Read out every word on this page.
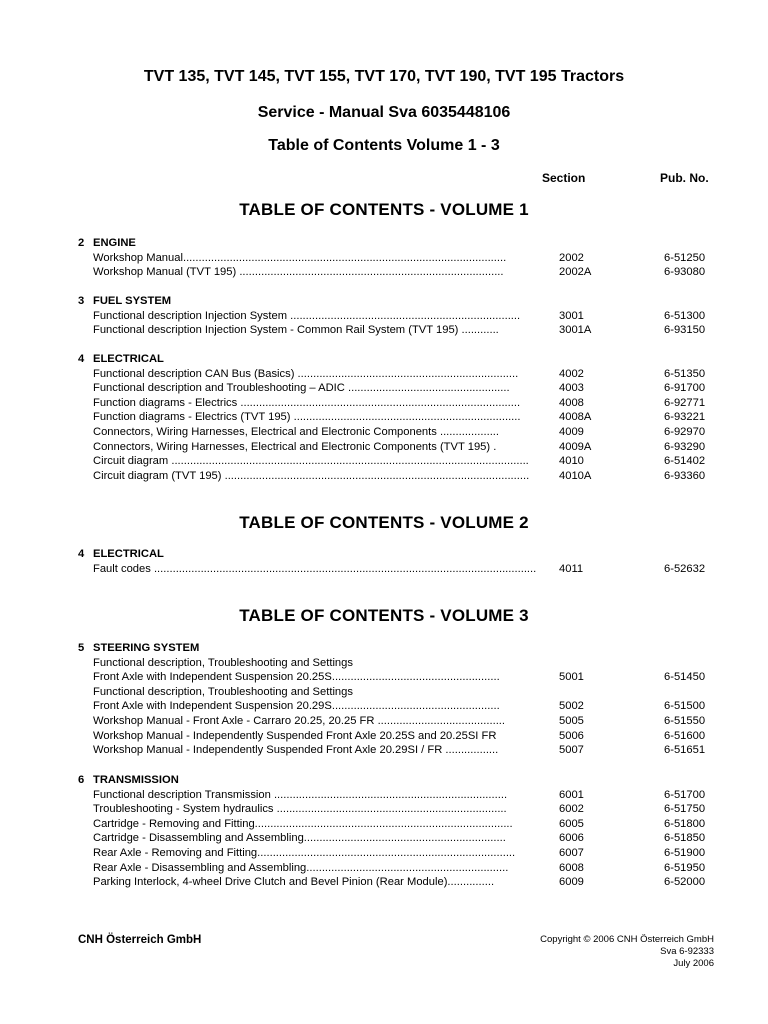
TVT 135, TVT 145, TVT 155, TVT 170, TVT 190, TVT 195 Tractors
Service - Manual Sva 6035448106
Table of Contents Volume 1 - 3
Section	Pub. No.
TABLE OF CONTENTS - VOLUME 1
2 ENGINE
Workshop Manual........................................................................................................	2002	6-51250
Workshop Manual (TVT 195) .....................................................................................	2002A	6-93080
3 FUEL SYSTEM
Functional description Injection System ..........................................................................	3001	6-51300
Functional description Injection System - Common Rail System (TVT 195) ............	3001A	6-93150
4 ELECTRICAL
Functional description CAN Bus (Basics) .......................................................................	4002	6-51350
Functional description and Troubleshooting – ADIC ....................................................	4003	6-91700
Function diagrams - Electrics ..........................................................................................	4008	6-92771
Function diagrams - Electrics (TVT 195) .........................................................................	4008A	6-93221
Connectors, Wiring Harnesses, Electrical and Electronic Components ...................	4009	6-92970
Connectors, Wiring Harnesses, Electrical and Electronic Components (TVT 195) .	4009A	6-93290
Circuit diagram ...................................................................................................................	4010	6-51402
Circuit diagram (TVT 195) ..................................................................................................	4010A	6-93360
TABLE OF CONTENTS - VOLUME 2
4 ELECTRICAL
Fault codes ...........................................................................................................................	4011	6-52632
TABLE OF CONTENTS - VOLUME 3
5 STEERING SYSTEM
Functional description, Troubleshooting and Settings
Front Axle with Independent Suspension 20.25S......................................................	5001	6-51450
Functional description, Troubleshooting and Settings
Front Axle with Independent Suspension 20.29S......................................................	5002	6-51500
Workshop Manual - Front Axle - Carraro 20.25, 20.25 FR .........................................	5005	6-51550
Workshop Manual - Independently Suspended Front Axle 20.25S and 20.25SI FR	5006	6-51600
Workshop Manual - Independently Suspended Front Axle 20.29SI / FR .................	5007	6-51651
6 TRANSMISSION
Functional description Transmission ...........................................................................	6001	6-51700
Troubleshooting - System hydraulics ..........................................................................	6002	6-51750
Cartridge - Removing and Fitting...................................................................................	6005	6-51800
Cartridge - Disassembling and Assembling.................................................................	6006	6-51850
Rear Axle - Removing and Fitting...................................................................................	6007	6-51900
Rear Axle - Disassembling and Assembling.................................................................	6008	6-51950
Parking Interlock, 4-wheel Drive Clutch and Bevel Pinion (Rear Module)...............	6009	6-52000
CNH Österreich GmbH	Copyright © 2006 CNH Österreich GmbH
Sva 6-92333
July 2006
